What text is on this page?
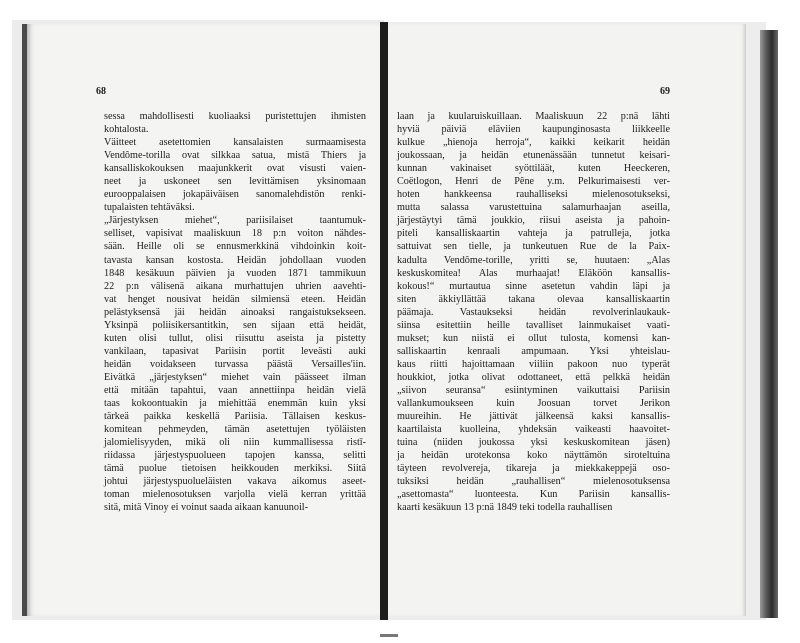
68	69
sessa mahdollisesti kuoliaaksi puristettujen ihmisten
kohtalosta.
Väitteet asetettomien kansalaisten surmaamisesta
Vendôme-torilla ovat silkkaa satua, mistä Thiers ja
kansalliskokouksen maajunkkerit ovat visusti vaien-
neet ja uskoneet sen levittämisen yksinomaan
eurooppalaisen jokapäiväisen sanomalehdistön renki-
tupalaisten tehtäväksi.
„Järjestyksen miehet“, pariisilaiset taantumuk-
selliset, vapisivat maaliskuun 18 p:n voiton nähdes-
sään. Heille oli se ennusmerkkinä vihdoinkin koit-
tavasta kansan kostosta. Heidän johdollaan vuoden
1848 kesäkuun päivien ja vuoden 1871 tammikuun
22 p:n välisenä aikana murhattujen uhrien aavehti-
vat henget nousivat heidän silmiensä eteen. Heidän
pelästyksensä jäi heidän ainoaksi rangaistuksekseen.
Yksinpä poliisikersantitkin, sen sijaan että heidät,
kuten olisi tullut, olisi riisuttu aseista ja pistetty
vankilaan, tapasivat Pariisin portit leveästi auki
heidän voidakseen turvassa päästä Versailles'iin.
Eivätkä „järjestyksen“ miehet vain päässeet ilman
että mitään tapahtui, vaan annettiinpa heidän vielä
taas kokoontuakin ja miehittää enemmän kuin yksi
tärkeä paikka keskellä Pariisia. Tällaisen keskus-
komitean pehmeyden, tämän asetettujen työläisten
jalomielisyyden, mikä oli niin kummallisessa ristī-
riidassa järjestyspuolueen tapojen kanssa, selitti
tämä puolue tietoisen heikkouden merkiksi. Siitä
johtui järjestyspuolueläisten vakava aikomus aseet-
toman mielenosotuksen varjolla vielä kerran yrittää
sitä, mitä Vinoy ei voinut saada aikaan kanuunoil-
laan ja kuularuiskuillaan. Maaliskuun 22 p:nä lähti
hyviä päiviä eläviien kaupunginosasta liikkeelle
kulkue „hienoja herroja“, kaikki keikarit heidän
joukossaan, ja heidän etunenässään tunnetut keisari-
kunnan vakinaiset syöttiläät, kuten Heeckeren,
Coëtlogon, Henri de Pêne y.m. Pelkurimaisesti ver-
hoten hankkeensa rauhalliseksi mielenosotukseksi,
mutta salassa varustettuina salamurhaajan aseilla,
järjestäytyi tämä joukkio, riisui aseista ja pahoin-
piteli kansalliskaartin vahteja ja patrulleja, jotka
sattuivat sen tielle, ja tunkeutuen Rue de la Paix-
kadulta Vendôme-torille, yritti se, huutaen: „Alas
keskuskomitea! Alas murhaajat! Eläköön kansallis-
kokous!“ murtautua sinne asetetun vahdin läpi ja
siten äkkiyllättää takana olevaa kansalliskaartin
päämaja. Vastaukseksi heidän revolverinlaukauk-
siinsa esitettiin heille tavalliset lainmukaiset vaati-
mukset; kun niistä ei ollut tulosta, komensi kan-
salliskaartin kenraali ampumaan. Yksi yhteislau-
kaus riitti hajoittamaan viiliin pakoon nuo typerät
houkkiot, jotka olivat odottaneet, että pelkkä heidän
„siivon seuransa“ esiintyminen vaikuttaisi Pariisin
vallankumoukseen kuin Joosuan torvet Jerikon
muureihin. He jättivät jälkeensä kaksi kansallis-
kaartilaista kuolleina, yhdeksän vaikeasti haavoitet-
tuina (niiden joukossa yksi keskuskomitean jäsen)
ja heidän urotekonsa koko näyttämön siroteltuina
täyteen revolvereja, tikareja ja miekkakeppejä oso-
tuksiksi heidän „rauhallisen“ mielenosotuksensa
„asettomasta“ luonteesta. Kun Pariisin kansallis-
kaarti kesäkuun 13 p:nä 1849 teki todella rauhallisen
